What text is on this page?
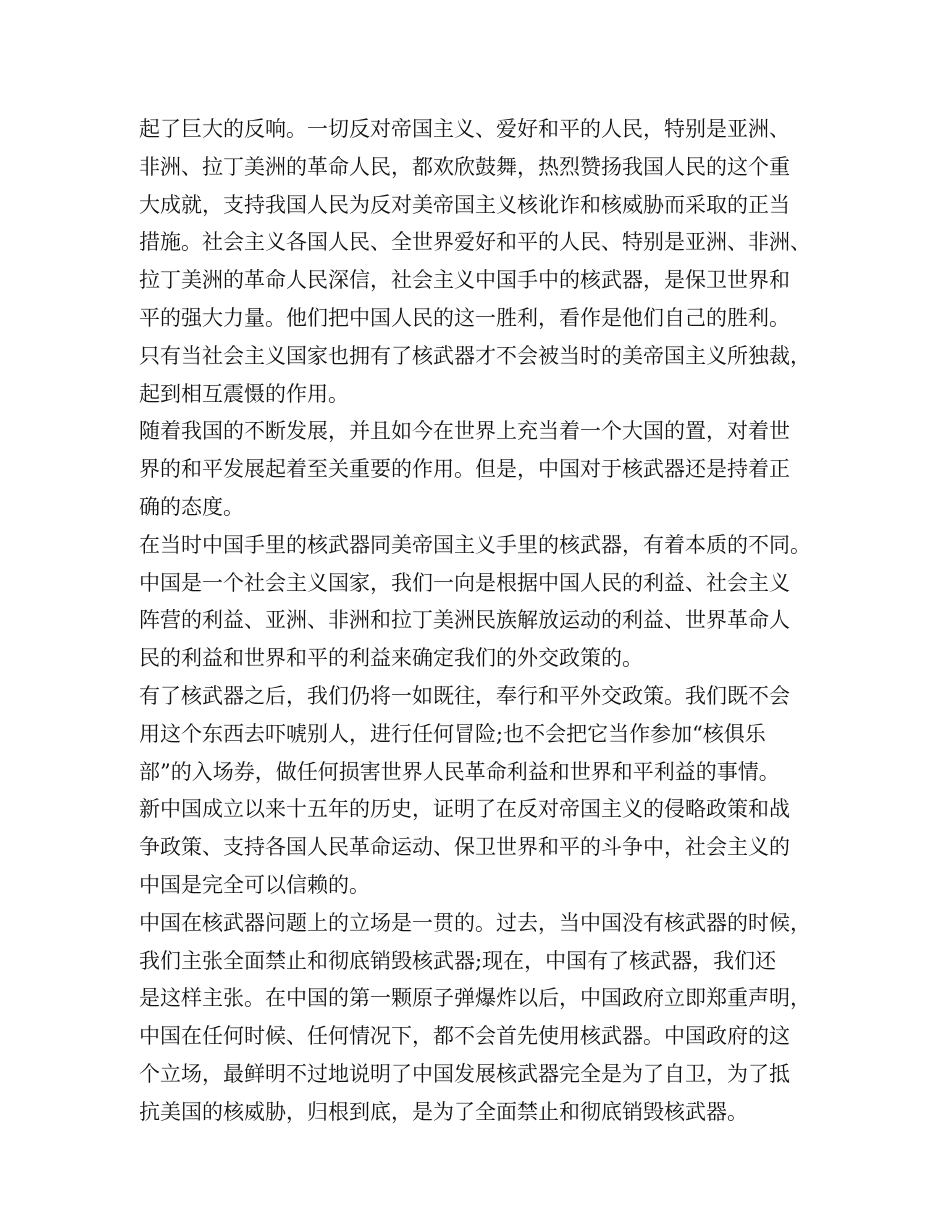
起了巨大的反响。一切反对帝国主义、爱好和平的人民，特别是亚洲、
非洲、拉丁美洲的革命人民，都欢欣鼓舞，热烈赞扬我国人民的这个重
大成就，支持我国人民为反对美帝国主义核讹诈和核威胁而采取的正当
措施。社会主义各国人民、全世界爱好和平的人民、特别是亚洲、非洲、
拉丁美洲的革命人民深信，社会主义中国手中的核武器，是保卫世界和
平的强大力量。他们把中国人民的这一胜利，看作是他们自己的胜利。
只有当社会主义国家也拥有了核武器才不会被当时的美帝国主义所独裁，
起到相互震慑的作用。
随着我国的不断发展，并且如今在世界上充当着一个大国的置，对着世
界的和平发展起着至关重要的作用。但是，中国对于核武器还是持着正
确的态度。
在当时中国手里的核武器同美帝国主义手里的核武器，有着本质的不同。
中国是一个社会主义国家，我们一向是根据中国人民的利益、社会主义
阵营的利益、亚洲、非洲和拉丁美洲民族解放运动的利益、世界革命人
民的利益和世界和平的利益来确定我们的外交政策的。
有了核武器之后，我们仍将一如既往，奉行和平外交政策。我们既不会
用这个东西去吓唬别人，进行任何冒险;也不会把它当作参加“核俱乐
部”的入场券，做任何损害世界人民革命利益和世界和平利益的事情。
新中国成立以来十五年的历史，证明了在反对帝国主义的侵略政策和战
争政策、支持各国人民革命运动、保卫世界和平的斗争中，社会主义的
中国是完全可以信赖的。
中国在核武器问题上的立场是一贯的。过去，当中国没有核武器的时候，
我们主张全面禁止和彻底销毁核武器;现在，中国有了核武器，我们还
是这样主张。在中国的第一颗原子弹爆炸以后，中国政府立即郑重声明，
中国在任何时候、任何情况下，都不会首先使用核武器。中国政府的这
个立场，最鲜明不过地说明了中国发展核武器完全是为了自卫，为了抵
抗美国的核威胁，归根到底，是为了全面禁止和彻底销毁核武器。
